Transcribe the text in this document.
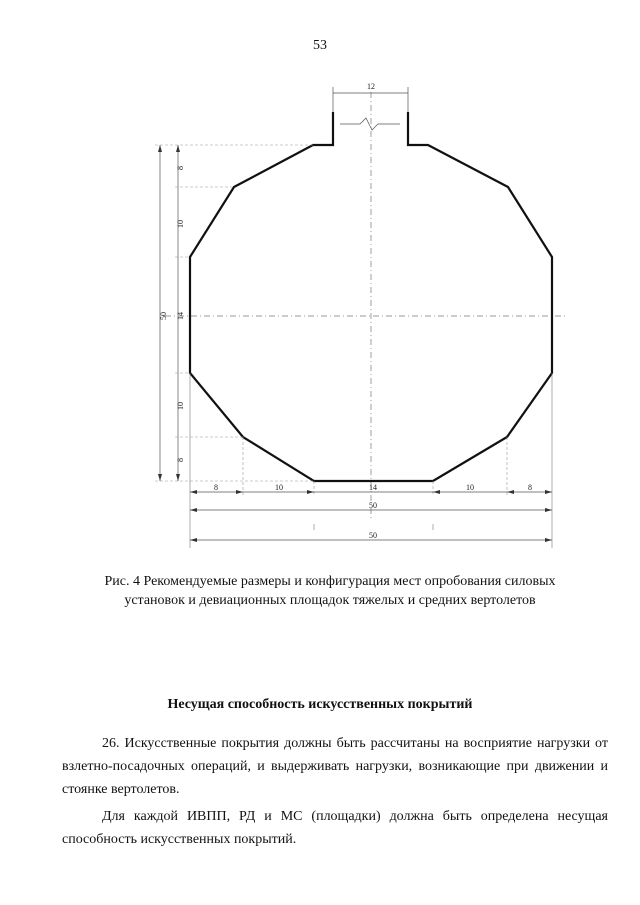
53
12
8
10
14
10
8
50
8	10	14	10	8
50
50
Рис. 4 Рекомендуемые размеры и конфигурация мест опробования силовых
установок и девиационных площадок тяжелых и средних вертолетов
Несущая способность искусственных покрытий

26. Искусственные покрытия должны быть рассчитаны на восприятие нагрузки от взлетно-посадочных операций, и выдерживать нагрузки, возникающие при движении и стоянке вертолетов.

Для каждой ИВПП, РД и МС (площадки) должна быть определена несущая способность искусственных покрытий.
